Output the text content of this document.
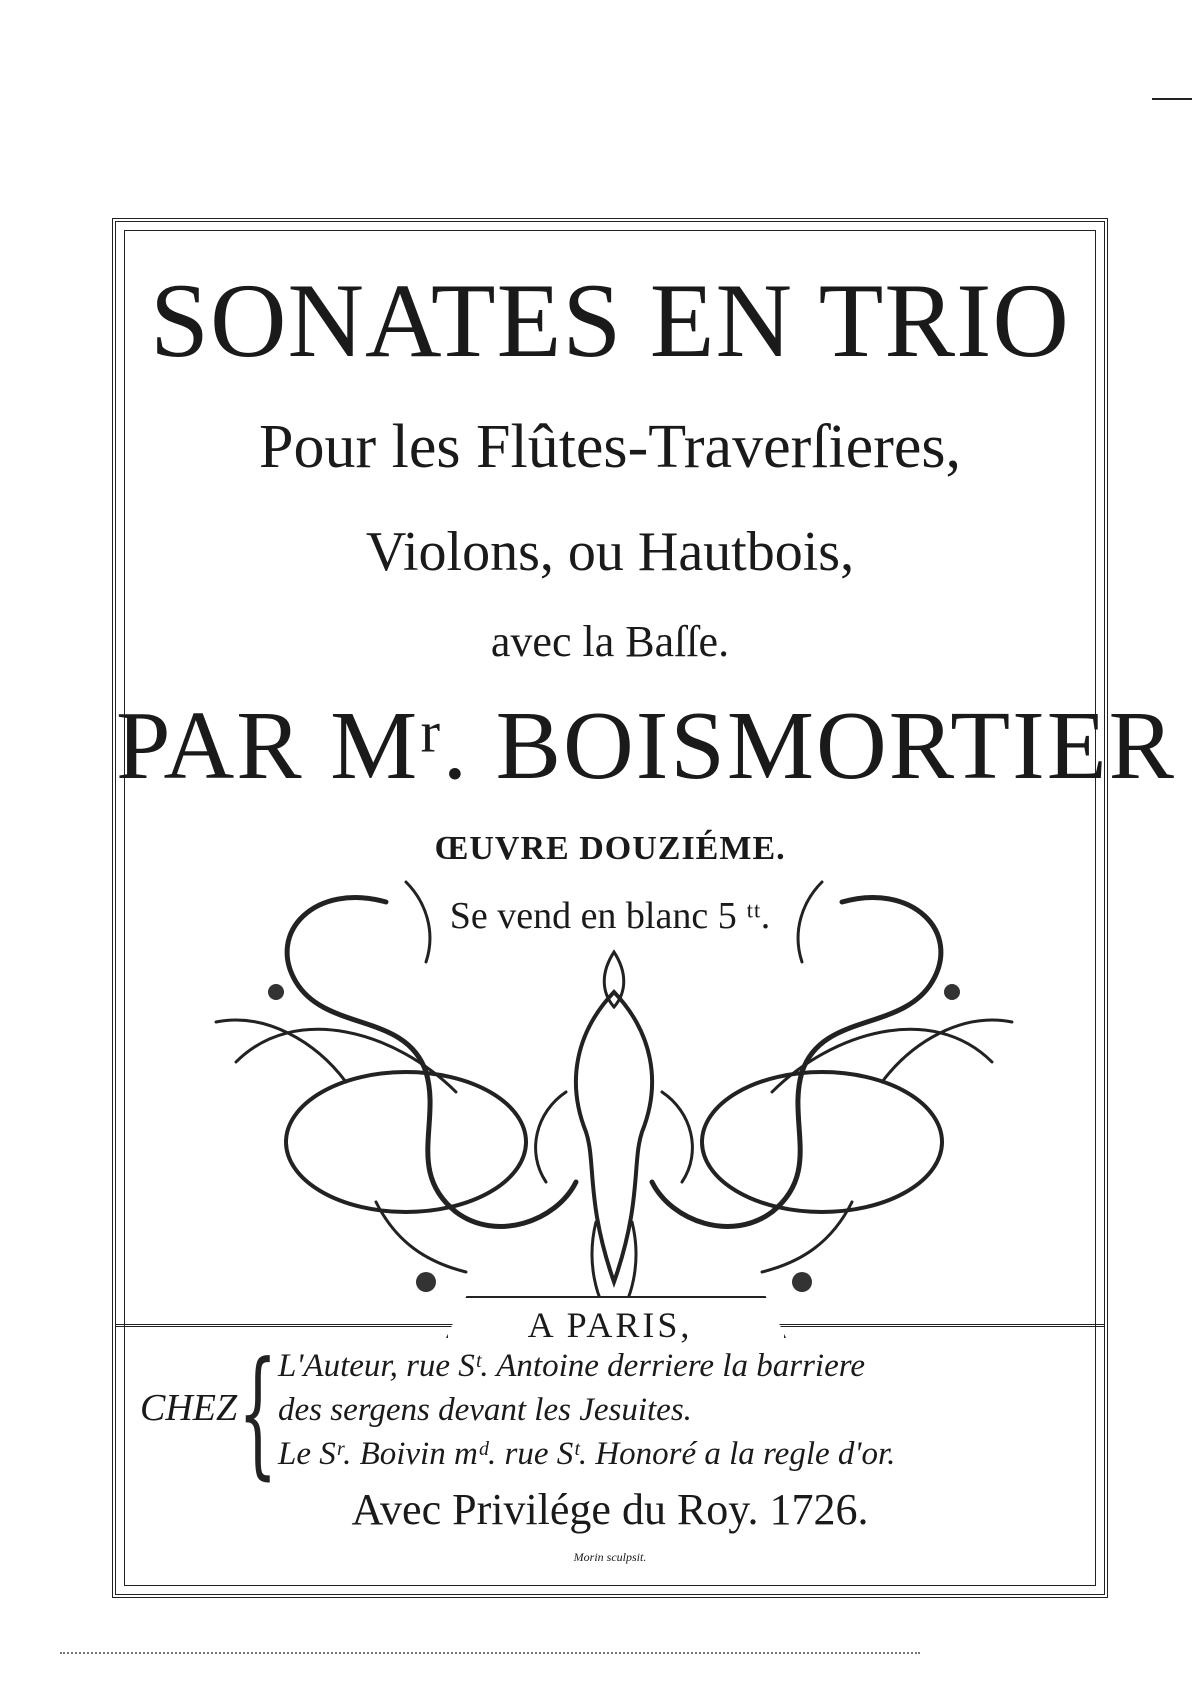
SONATES EN TRIO
Pour les Flûtes-Traverſieres,
Violons, ou Hautbois,
avec la Baſſe.
PAR Mʳ. BOISMORTIER
ŒUVRE DOUZIÉME.
Se vend en blanc 5 ᵗᵗ.
A PARIS,
CHEZ { L'Auteur, rue Sᵗ. Antoine derriere la barriere
des sergens devant les Jesuites.
Le Sʳ. Boivin mᵈ. rue Sᵗ. Honoré a la regle d'or.
Avec Privilége du Roy. 1726.
Morin sculpsit.
